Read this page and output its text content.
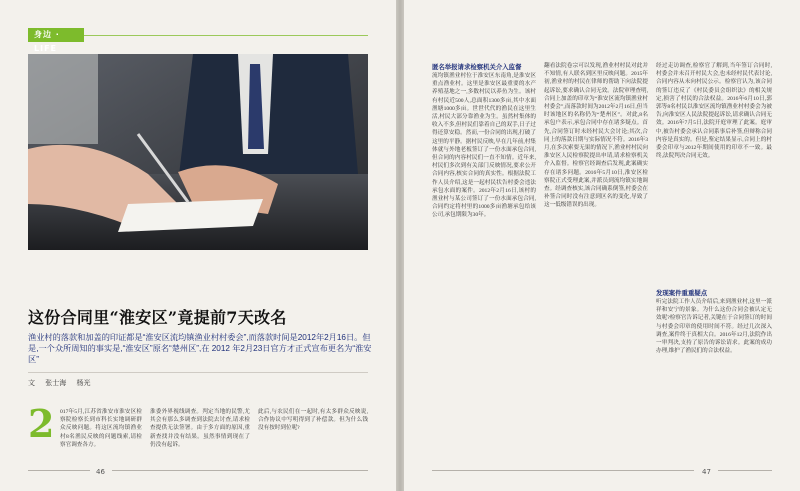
身边 · LIFE
这份合同里“淮安区”竟提前7天改名
渔业村的落款和加盖的印证都是“淮安区流均镇渔业村村委会”,而落款时间是2012年2月16日。但是,一个众所周知的事实是,“淮安区”原名“楚州区”,在 2012 年2月23日官方才正式宣布更名为“淮安区”
文 张士海 杨光
2 017年5月,江苏省淮安市淮安区检察院检察长到市科长实地调研群众反映问题。将这区流均镇渔业村8名渔民反映的问题线索,请检察官调查各方。
淮委外界视线调查。判定当地的民警,尤其会有那么多调查到法院去讨查,请求检查提供无法签署。由于多方面的原因,重新查找并没有结果。虽然事情到现在了仍没有起诉。
此后,与农民们在一起时,有太多群众反映说,合作协议中写明得到了补偿款。但为什么钱没有按时到位呢?
46
匿名举报请求检察机关介入监督
流均镇渔业村位于淮安区东南角,是淮安区重点渔业村。这里是淮安区最重要的水产养殖基地之一,多数村民以养鱼为生。该村有村民近500人,总面积1300多亩,其中水面渔塘1000多亩。世世代代的渔民在这里生活,村民大部分靠渔业为生。虽然村集体的收入不多,但村民们靠着自己的双手,日子过得还算安稳。然而,一份合同的出现,打破了这里的平静。据村民反映,早在几年前,村集体就与外地老板签订了一份水面承包合同,但合同的内容村民们一直不知情。近年来,村民们多次到有关部门反映情况,要求公开合同内容,核实合同的真实性。根据法院工作人员介绍,这是一起村民状告村委会违法承包水面的案件。2012年2月16日,该村的渔业村与某公司签订了一份水面承包合同,合同约定将村里的1000多亩渔塘承包给该公司,承包期限为30年。
翻看法院卷宗可以发现,渔业村村民对此并不知情,有人联名到区里反映问题。2015年初,渔业村的村民在律师的帮助下向法院提起诉讼,要求确认合同无效。法院审理查明,合同上加盖的印章为“淮安区流均镇渔业村村委会”,而落款时间为2012年2月16日,但当时该地区的名称仍为“楚州区”。对此,8名承包户表示,承包合同中存在诸多疑点。首先,合同签订时未经村民大会讨论;其次,合同上的落款日期与实际情况不符。2016年3月,在多次索要无果的情况下,渔业村村民向淮安区人民检察院提出申请,请求检察机关介入监督。检察官经调查后发现,此案确实存在诸多问题。2016年5月10日,淮安区检察院正式受理此案,并派员到流均镇实地调查。经调查核实,该合同确系倒签,村委会在补签合同时没有注意到区名的变化,导致了这一低级错误的出现。
经过走访调查,检察官了解到,当年签订合同时,村委会并未召开村民大会,也未经村民代表讨论,合同内容从未向村民公示。检察官认为,该合同的签订违反了《村民委员会组织法》的相关规定,损害了村民的合法权益。2016年6月10日,郭郭等8名村民以淮安区流均镇渔业村村委会为被告,向淮安区人民法院提起诉讼,请求确认合同无效。2016年7月5日,法院开庭审理了此案。庭审中,被告村委会承认合同系事后补签,但辩称合同内容是真实的。但是,鉴定结果显示,合同上的村委会印章与2012年期间使用的印章不一致。最终,法院判决合同无效。
发现案件重重疑点
听完法院工作人员介绍后,来到渔业村,这里一派祥和安宁的景象。为什么这份合同会被认定无效呢?检察官告诉记者,关键在于合同签订的时间与村委会印章的使用时间不符。经过几次深入调查,案件终于真相大白。2016年12月,法院作出一审判决,支持了原告的诉讼请求。此案的成功办理,维护了渔民们的合法权益。
47
